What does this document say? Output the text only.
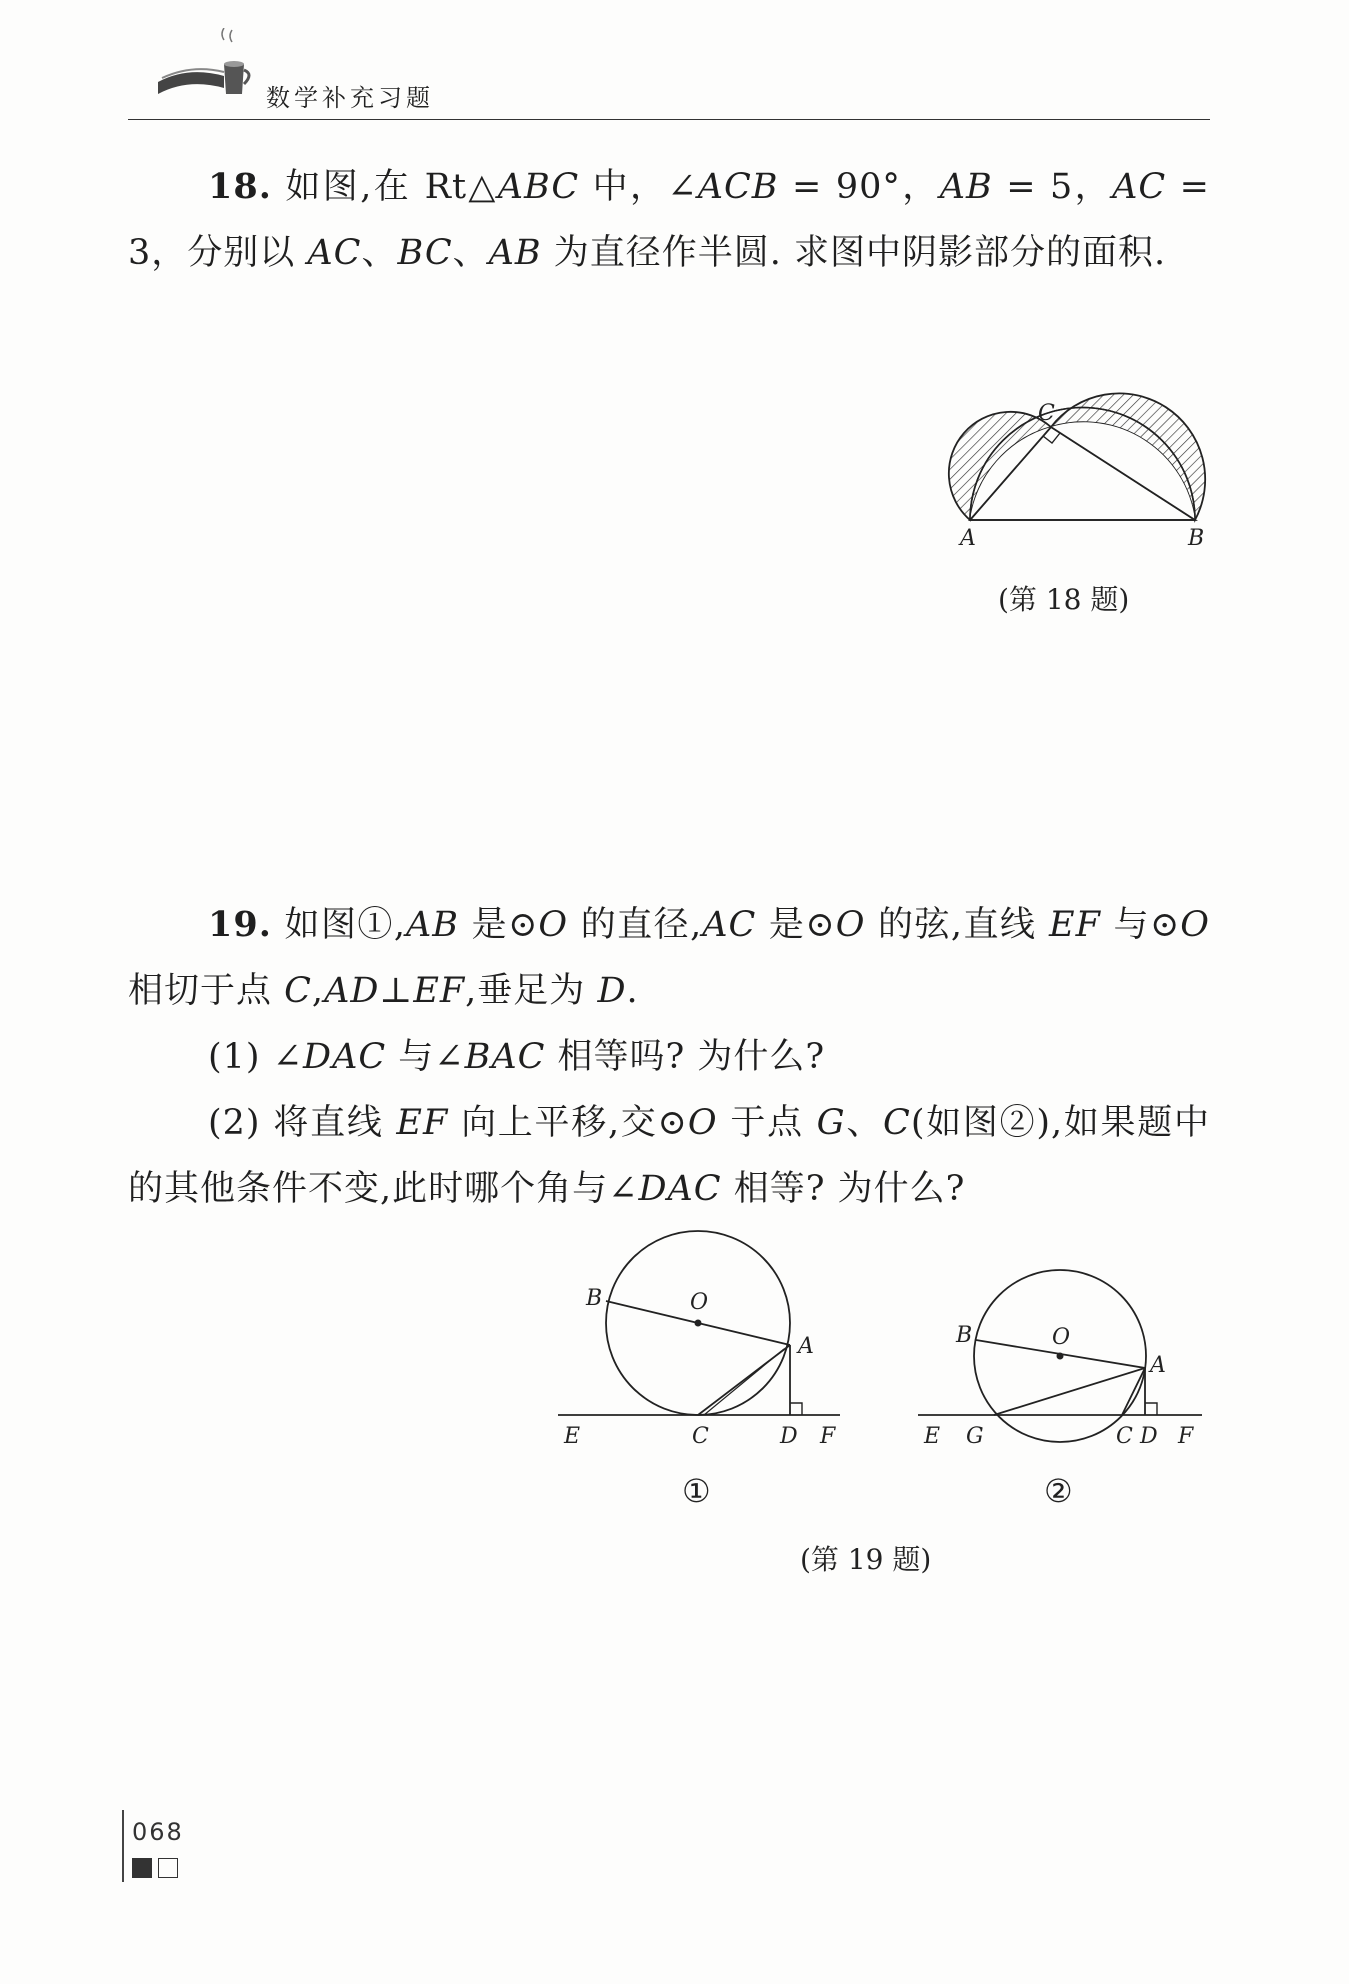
数学补充习题

18. 如图,在 Rt△ABC 中，∠ACB = 90°，AB = 5，AC = 3，分别以 AC、BC、AB 为直径作半圆. 求图中阴影部分的面积.

A	B
C
(第 18 题)

19. 如图①,AB 是⊙O 的直径,AC 是⊙O 的弦,直线 EF 与⊙O 相切于点 C,AD⊥EF,垂足为 D.

(1) ∠DAC 与∠BAC 相等吗? 为什么?

(2) 将直线 EF 向上平移,交⊙O 于点 G、C(如图②),如果题中的其他条件不变,此时哪个角与∠DAC 相等? 为什么?

B	O
A
E	C	D F
①
B	O
A
E G	C D F
②
(第 19 题)
068
